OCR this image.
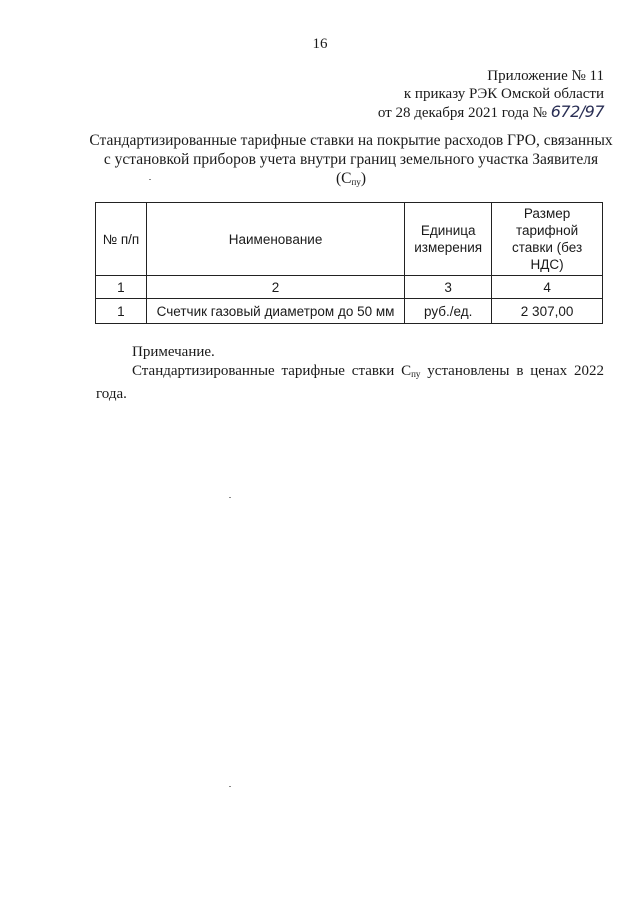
16
Приложение № 11
к приказу РЭК Омской области
от 28 декабря 2021 года № 672/97
Стандартизированные тарифные ставки на покрытие расходов ГРО, связанных с установкой приборов учета внутри границ земельного участка Заявителя
$(С_{пу})$
№ п/п	Наименование	Единица измерения	Размер тарифной ставки (без НДС)
1	2	3	4
1	Счетчик газовый диаметром до 50 мм	руб./ед.	2 307,00
Примечание.
Стандартизированные тарифные ставки $С_{пу}$ установлены в ценах 2022 года.
